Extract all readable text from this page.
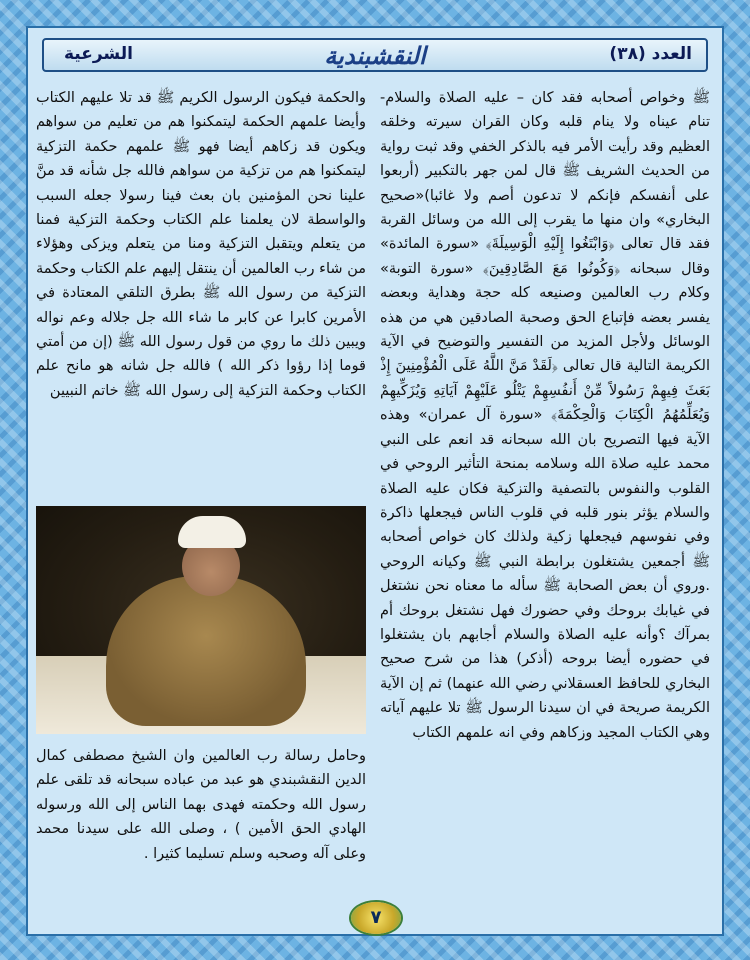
العدد (٣٨)
النقشبندية
الشرعية

ﷺ وخواص أصحابه فقد كان – عليه الصلاة والسلام- تنام عيناه ولا ينام قلبه وكان القران سيرته وخلقه العظيم وقد رأيت الأمر فيه بالذكر الخفي وقد ثبت رواية من الحديث الشريف ﷺ قال لمن جهر بالتكبير (أربعوا على أنفسكم فإنكم لا تدعون أصم ولا غائبا)«صحيح البخاري» وان منها ما يقرب إلى الله من وسائل القربة فقد قال تعالى ﴿وَابْتَغُوا إِلَيْهِ الْوَسِيلَةَ﴾ «سورة المائدة» وقال سبحانه ﴿وَكُونُوا مَعَ الصَّادِقِينَ﴾ «سورة التوبة» وكلام رب العالمين وصنيعه كله حجة وهداية وبعضه يفسر بعضه فإتباع الحق وصحبة الصادقين هي من هذه الوسائل ولأجل المزيد من التفسير والتوضيح في الآية الكريمة التالية قال تعالى ﴿لَقَدْ مَنَّ اللَّهُ عَلَى الْمُؤْمِنِينَ إِذْ بَعَثَ فِيهِمْ رَسُولاً مِّنْ أَنفُسِهِمْ يَتْلُو عَلَيْهِمْ آيَاتِهِ وَيُزَكِّيهِمْ وَيُعَلِّمُهُمُ الْكِتَابَ وَالْحِكْمَةَ﴾ «سورة آل عمران» وهذه الآية فيها التصريح بان الله سبحانه قد انعم على النبي محمد عليه صلاة الله وسلامه بمنحة التأثير الروحي في القلوب والنفوس بالتصفية والتزكية فكان عليه الصلاة والسلام يؤثر بنور قلبه في قلوب الناس فيجعلها ذاكرة وفي نفوسهم فيجعلها زكية ولذلك كان خواص أصحابه ﷺ أجمعين يشتغلون برابطة النبي ﷺ وكيانه الروحي .وروي أن بعض الصحابة ﷺ سأله ما معناه نحن نشتغل في غيابك بروحك وفي حضورك فهل نشتغل بروحك أم بمرآك ؟وأنه عليه الصلاة والسلام أجابهم بان يشتغلوا في حضوره أيضا بروحه (أذكر) هذا من شرح صحيح البخاري للحافظ العسقلاني رضي الله عنهما) ثم إن الآية الكريمة صريحة في ان سيدنا الرسول ﷺ تلا عليهم آياته وهي الكتاب المجيد وزكاهم وفي انه علمهم الكتاب

والحكمة فيكون الرسول الكريم ﷺ قد تلا عليهم الكتاب وأيضا علمهم الحكمة ليتمكنوا هم من تعليم من سواهم ويكون قد زكاهم أيضا فهو ﷺ علمهم حكمة التزكية ليتمكنوا هم من تزكية من سواهم فالله جل شأنه قد منَّ علينا نحن المؤمنين بان بعث فينا رسولا جعله السبب والواسطة لان يعلمنا علم الكتاب وحكمة التزكية فمنا من يتعلم ويتقبل التزكية ومنا من يتعلم ويزكى وهؤلاء من شاء رب العالمين أن ينتقل إليهم علم الكتاب وحكمة التزكية من رسول الله ﷺ بطرق التلقي المعتادة في الأمرين كابرا عن كابر ما شاء الله جل جلاله وعم نواله ويبين ذلك ما روي من قول رسول الله ﷺ (إن من أمتي قوما إذا رؤوا ذكر الله ) فالله جل شانه هو مانح علم الكتاب وحكمة التزكية إلى رسول الله ﷺ خاتم النبيين

وحامل رسالة رب العالمين وان الشيخ مصطفى كمال الدين النقشبندي هو عبد من عباده سبحانه قد تلقى علم رسول الله وحكمته فهدى بهما الناس إلى الله ورسوله الهادي الحق الأمين ) ، وصلى الله على سيدنا محمد وعلى آله وصحبه وسلم تسليما كثيرا .

٧
